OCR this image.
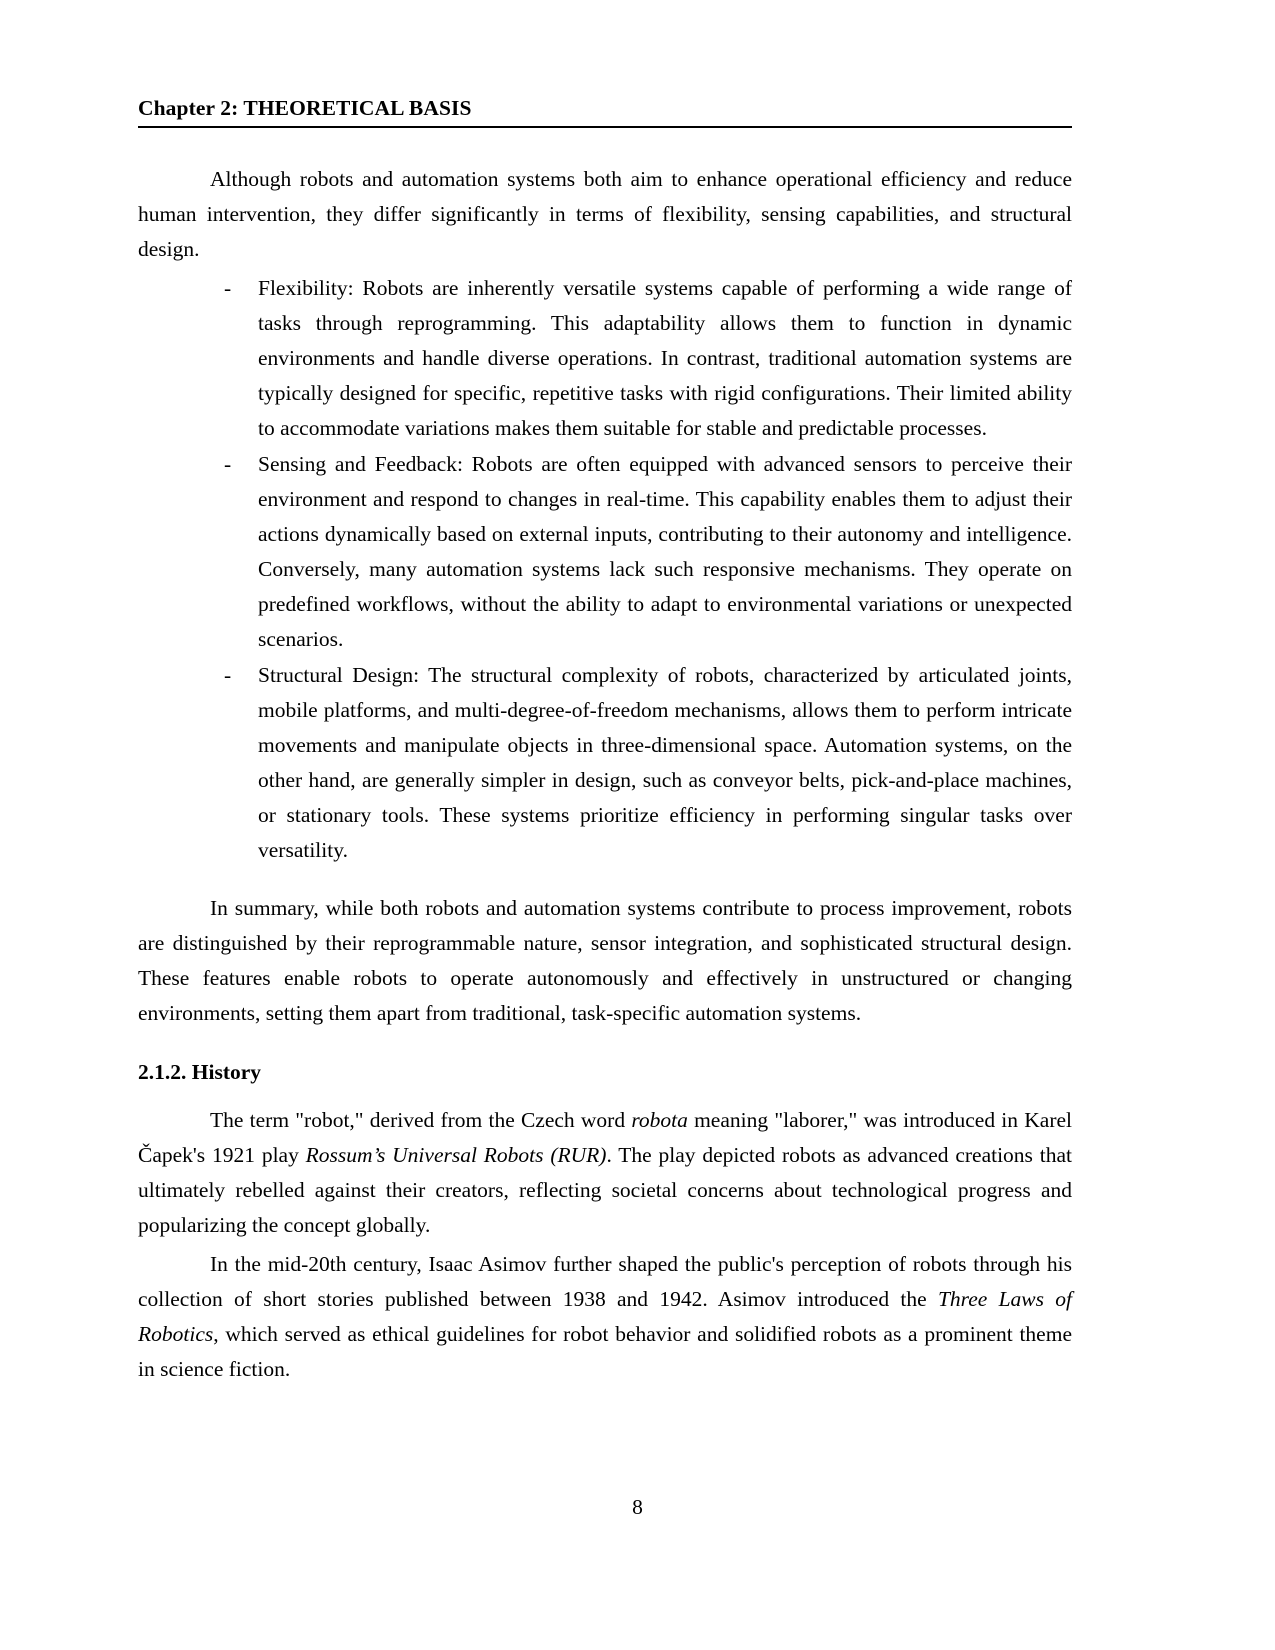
Chapter 2: THEORETICAL BASIS

Although robots and automation systems both aim to enhance operational efficiency and reduce human intervention, they differ significantly in terms of flexibility, sensing capabilities, and structural design.

- Flexibility: Robots are inherently versatile systems capable of performing a wide range of tasks through reprogramming. This adaptability allows them to function in dynamic environments and handle diverse operations. In contrast, traditional automation systems are typically designed for specific, repetitive tasks with rigid configurations. Their limited ability to accommodate variations makes them suitable for stable and predictable processes.
- Sensing and Feedback: Robots are often equipped with advanced sensors to perceive their environment and respond to changes in real-time. This capability enables them to adjust their actions dynamically based on external inputs, contributing to their autonomy and intelligence. Conversely, many automation systems lack such responsive mechanisms. They operate on predefined workflows, without the ability to adapt to environmental variations or unexpected scenarios.
- Structural Design: The structural complexity of robots, characterized by articulated joints, mobile platforms, and multi-degree-of-freedom mechanisms, allows them to perform intricate movements and manipulate objects in three-dimensional space. Automation systems, on the other hand, are generally simpler in design, such as conveyor belts, pick-and-place machines, or stationary tools. These systems prioritize efficiency in performing singular tasks over versatility.

In summary, while both robots and automation systems contribute to process improvement, robots are distinguished by their reprogrammable nature, sensor integration, and sophisticated structural design. These features enable robots to operate autonomously and effectively in unstructured or changing environments, setting them apart from traditional, task-specific automation systems.

2.1.2. History

The term "robot," derived from the Czech word robota meaning "laborer," was introduced in Karel Čapek's 1921 play Rossum’s Universal Robots (RUR). The play depicted robots as advanced creations that ultimately rebelled against their creators, reflecting societal concerns about technological progress and popularizing the concept globally.

In the mid-20th century, Isaac Asimov further shaped the public's perception of robots through his collection of short stories published between 1938 and 1942. Asimov introduced the Three Laws of Robotics, which served as ethical guidelines for robot behavior and solidified robots as a prominent theme in science fiction.

8
